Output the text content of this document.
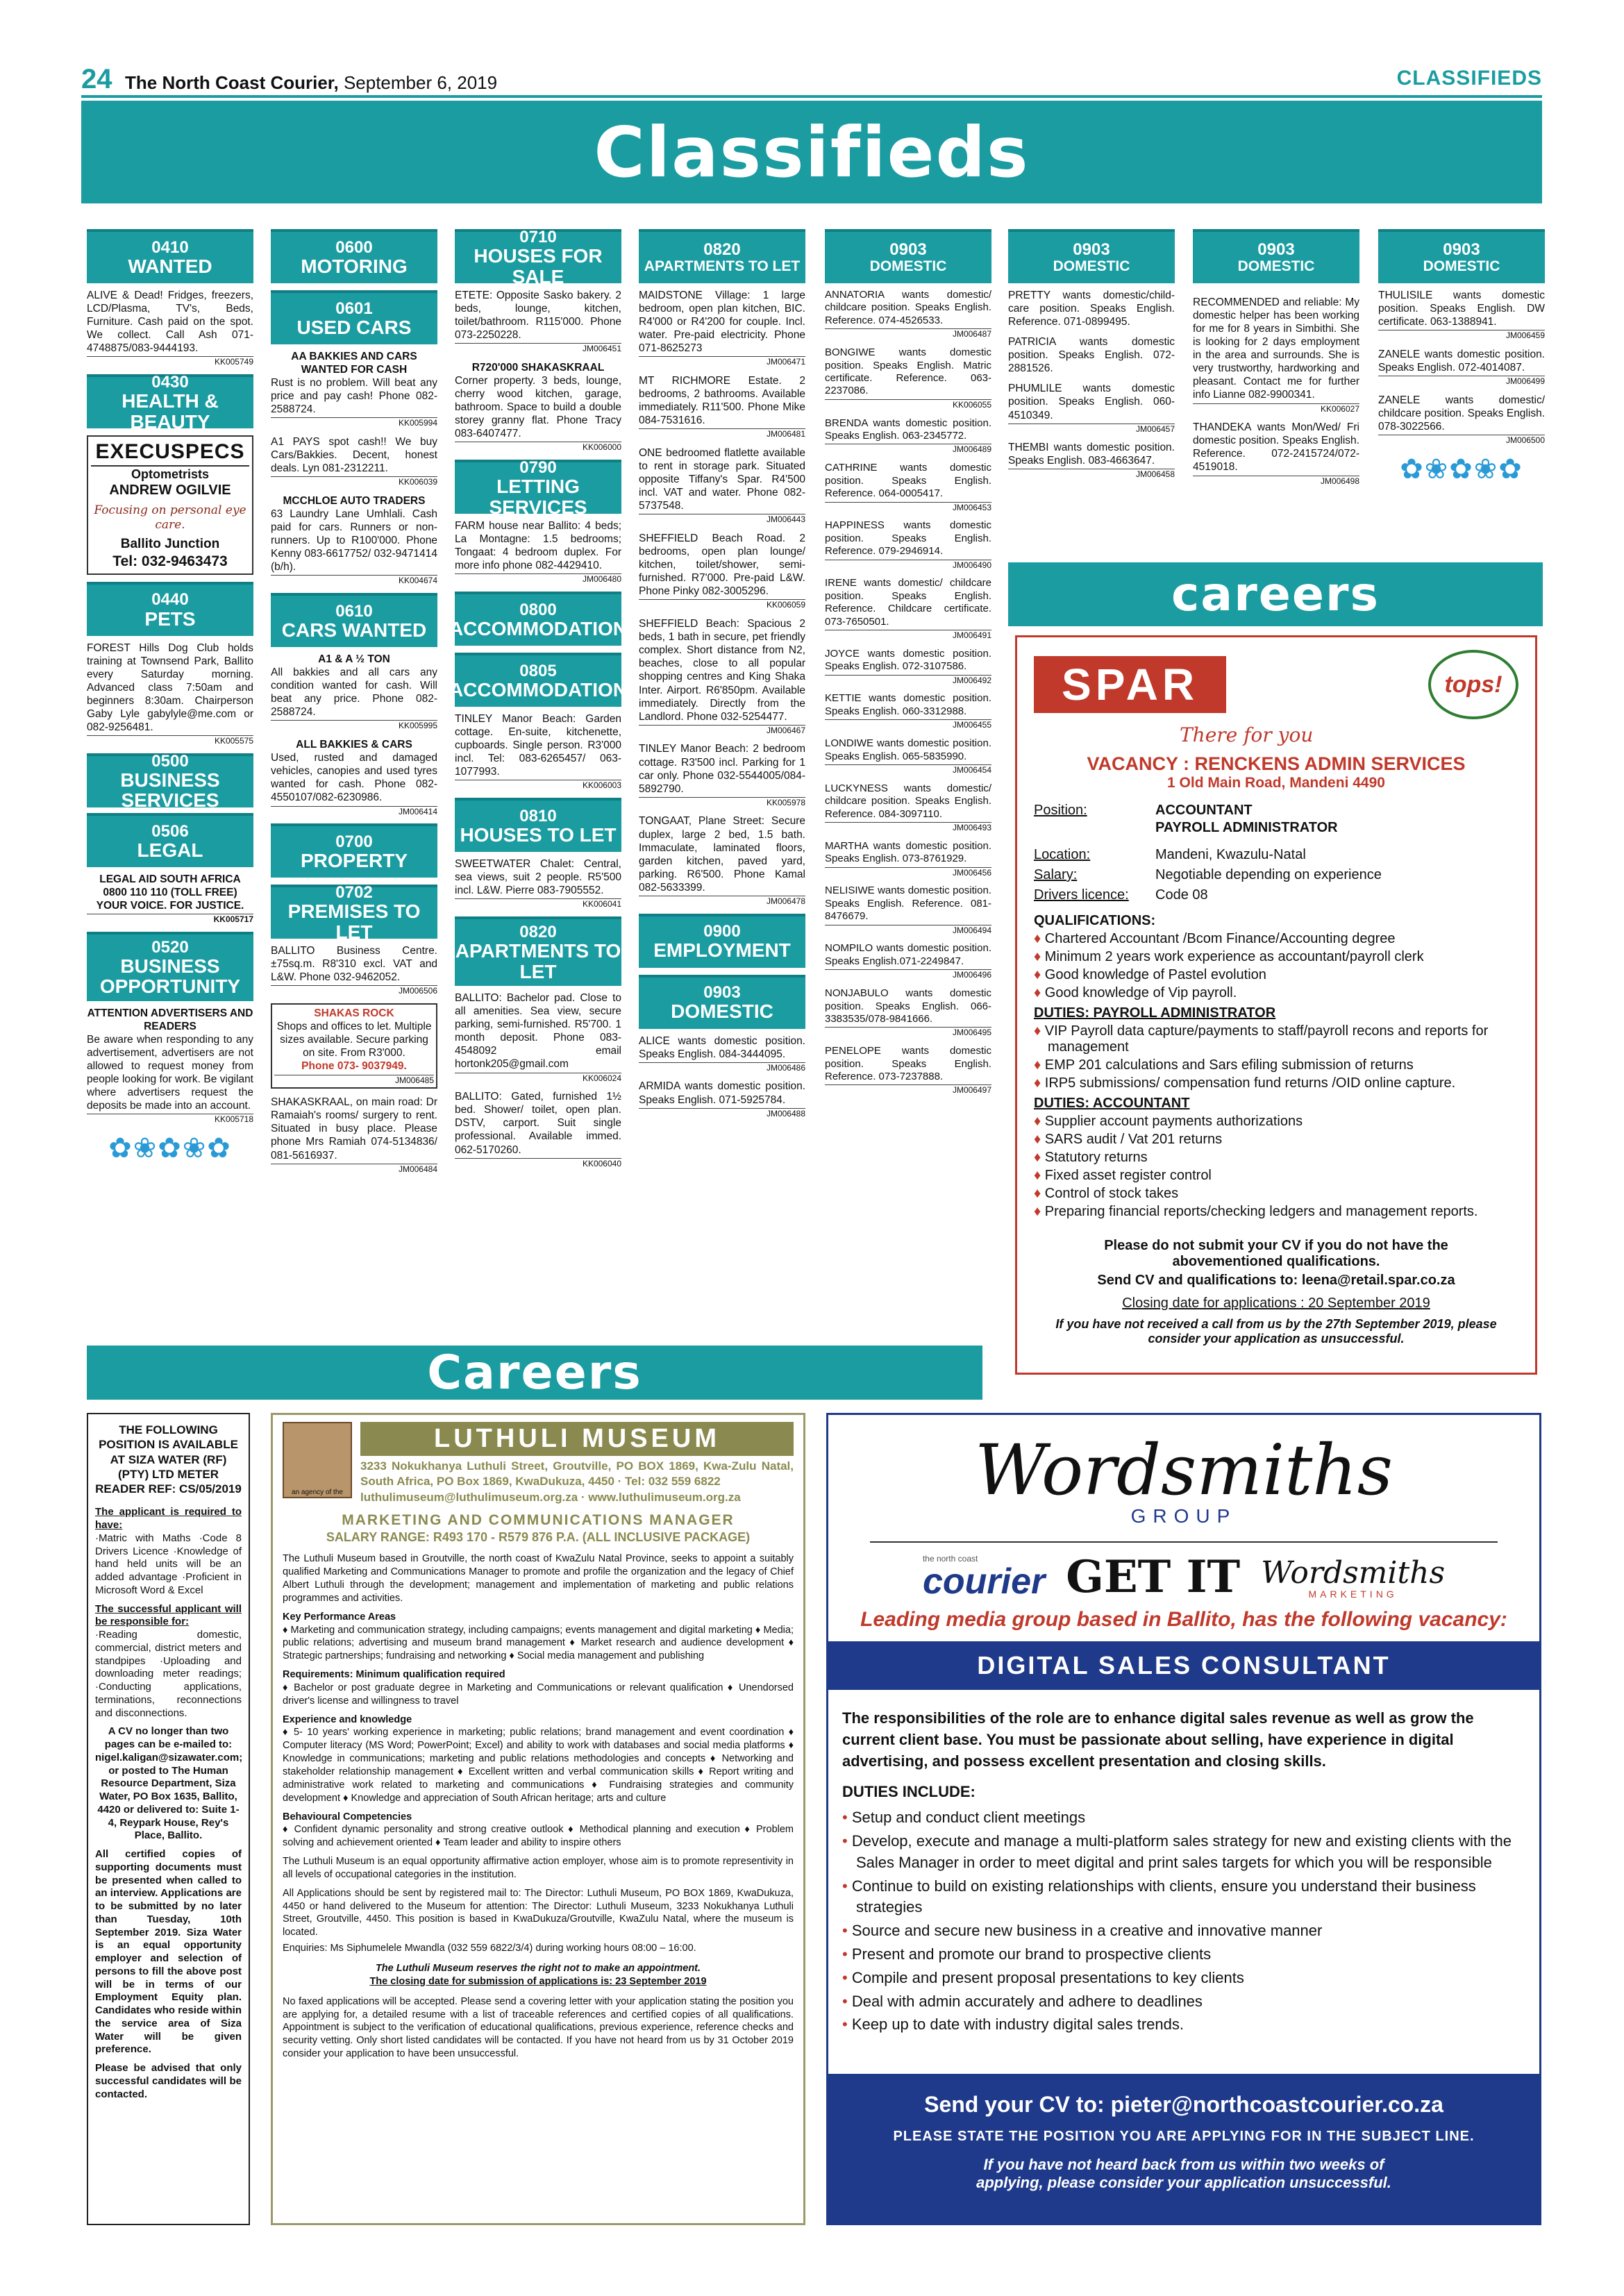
24 The North Coast Courier, September 6, 2019	CLASSIFIEDS
Classifieds
0410
WANTED
ALIVE & Dead! Fridges, freezers, LCD/Plasma, TV's, Beds, Furniture. Cash paid on the spot. We collect. Call Ash 071-4748875/083-9444193.
KK005749
0430
HEALTH & BEAUTY
EXECUSPECS
Optometrists
ANDREW OGILVIE
Focusing on personal eye care.
Ballito Junction
Tel: 032-9463473
0440
PETS
FOREST Hills Dog Club holds training at Townsend Park, Ballito every Saturday morning. Advanced class 7:50am and beginners 8:30am. Chairperson Gaby Lyle gabylyle@me.com or 082-9256481.
KK005575
0500
BUSINESS SERVICES
0506
LEGAL
LEGAL AID SOUTH AFRICA 0800 110 110 (TOLL FREE) YOUR VOICE. FOR JUSTICE.
KK005717
0520
BUSINESS OPPORTUNITY
ATTENTION ADVERTISERS AND READERS
Be aware when responding to any advertisement, advertisers are not allowed to request money from people looking for work. Be vigilant where advertisers request the deposits be made into an account.
KK005718
✿❀✿❀✿
0600
MOTORING
0601
USED CARS
AA BAKKIES AND CARS WANTED FOR CASH
Rust is no problem. Will beat any price and pay cash! Phone 082-2588724.
KK005994
A1 PAYS spot cash!! We buy Cars/Bakkies. Decent, honest deals. Lyn 081-2312211.
KK006039
MCCHLOE AUTO TRADERS
63 Laundry Lane Umhlali. Cash paid for cars. Runners or non-runners. Up to R100'000. Phone Kenny 083-6617752/ 032-9471414 (b/h).
KK004674
0610
CARS WANTED
A1 & A ½ TON
All bakkies and all cars any condition wanted for cash. Will beat any price. Phone 082-2588724.
KK005995
ALL BAKKIES & CARS
Used, rusted and damaged vehicles, canopies and used tyres wanted for cash. Phone 082-4550107/082-6230986.
JM006414
0700
PROPERTY
0702
PREMISES TO LET
BALLITO Business Centre. ±75sq.m. R8'310 excl. VAT and L&W. Phone 032-9462052.
JM006506
SHAKAS ROCK
Shops and offices to let. Multiple sizes available. Secure parking on site. From R3'000.
Phone 073- 9037949.
JM006485
SHAKASKRAAL, on main road: Dr Ramaiah's rooms/ surgery to rent. Situated in busy place. Please phone Mrs Ramiah 074-5134836/ 081-5616937.
JM006484
0710
HOUSES FOR SALE
ETETE: Opposite Sasko bakery. 2 beds, lounge, kitchen, toilet/bathroom. R115'000. Phone 073-2250228.
JM006451
R720'000 SHAKASKRAAL
Corner property. 3 beds, lounge, cherry wood kitchen, garage, bathroom. Space to build a double storey granny flat. Phone Tracy 083-6407477.
KK006000
0790
LETTING SERVICES
FARM house near Ballito: 4 beds; La Montagne: 1.5 bedrooms; Tongaat: 4 bedroom duplex. For more info phone 082-4429410.
JM006480
0800
ACCOMMODATION
0805
ACCOMMODATION
TINLEY Manor Beach: Garden cottage. En-suite, kitchenette, cupboards. Single person. R3'000 incl. Tel: 083-6265457/ 063-1077993.
KK006003
0810
HOUSES TO LET
SWEETWATER Chalet: Central, sea views, suit 2 people. R5'500 incl. L&W. Pierre 083-7905552.
KK006041
0820
APARTMENTS TO LET
BALLITO: Bachelor pad. Close to all amenities. Sea view, secure parking, semi-furnished. R5'700. 1 month deposit. Phone 083-4548092 email hortonk205@gmail.com
KK006024
BALLITO: Gated, furnished 1½ bed. Shower/ toilet, open plan. DSTV, carport. Suit single professional. Available immed. 062-5170260.
KK006040
0820
APARTMENTS TO LET
MAIDSTONE Village: 1 large bedroom, open plan kitchen, BIC. R4'000 or R4'200 for couple. Incl. water. Pre-paid electricity. Phone 071-8625273
JM006471
MT RICHMORE Estate. 2 bedrooms, 2 bathrooms. Available immediately. R11'500. Phone Mike 084-7531616.
JM006481
ONE bedroomed flatlette available to rent in storage park. Situated opposite Tiffany's Spar. R4'500 incl. VAT and water. Phone 082-5737548.
JM006443
SHEFFIELD Beach Road. 2 bedrooms, open plan lounge/ kitchen, toilet/shower, semi-furnished. R7'000. Pre-paid L&W. Phone Pinky 082-3005296.
KK006059
SHEFFIELD Beach: Spacious 2 beds, 1 bath in secure, pet friendly complex. Short distance from N2, beaches, close to all popular shopping centres and King Shaka Inter. Airport. R6'850pm. Available immediately. Directly from the Landlord. Phone 032-5254477.
JM006467
TINLEY Manor Beach: 2 bedroom cottage. R3'500 incl. Parking for 1 car only. Phone 032-5544005/084-5892790.
KK005978
TONGAAT, Plane Street: Secure duplex, large 2 bed, 1.5 bath. Immaculate, laminated floors, garden kitchen, paved yard, parking. R6'500. Phone Kamal 082-5633399.
JM006478
0900
EMPLOYMENT
0903
DOMESTIC
ALICE wants domestic position. Speaks English. 084-3444095.
JM006486
ARMIDA wants domestic position. Speaks English. 071-5925784.
JM006488
0903
DOMESTIC
ANNATORIA wants domestic/ childcare position. Speaks English. Reference. 074-4526533.
JM006487
BONGIWE wants domestic position. Speaks English. Matric certificate. Reference. 063-2237086.
KK006055
BRENDA wants domestic position. Speaks English. 063-2345772.
JM006489
CATHRINE wants domestic position. Speaks English. Reference. 064-0005417.
JM006453
HAPPINESS wants domestic position. Speaks English. Reference. 079-2946914.
JM006490
IRENE wants domestic/ childcare position. Speaks English. Reference. Childcare certificate. 073-7650501.
JM006491
JOYCE wants domestic position. Speaks English. 072-3107586.
JM006492
KETTIE wants domestic position. Speaks English. 060-3312988.
JM006455
LONDIWE wants domestic position. Speaks English. 065-5835990.
JM006454
LUCKYNESS wants domestic/ childcare position. Speaks English. Reference. 084-3097110.
JM006493
MARTHA wants domestic position. Speaks English. 073-8761929.
JM006456
NELISIWE wants domestic position. Speaks English. Reference. 081-8476679.
JM006494
NOMPILO wants domestic position. Speaks English.071-2249847.
JM006496
NONJABULO wants domestic position. Speaks English. 066-3383535/078-9841666.
JM006495
PENELOPE wants domestic position. Speaks English. Reference. 073-7237888.
JM006497
0903
DOMESTIC
PRETTY wants domestic/child-care position. Speaks English. Reference. 071-0899495.
PATRICIA wants domestic position. Speaks English. 072-2881526.
PHUMLILE wants domestic position. Speaks English. 060-4510349.
JM006457
THEMBI wants domestic position. Speaks English. 083-4663647.
JM006458
0903
DOMESTIC
RECOMMENDED and reliable: My domestic helper has been working for me for 8 years in Simbithi. She is looking for 2 days employment in the area and surrounds. She is very trustworthy, hardworking and pleasant. Contact me for further info Lianne 082-9900341.
KK006027
THANDEKA wants Mon/Wed/ Fri domestic position. Speaks English. Reference. 072-2415724/072-4519018.
JM006498
0903
DOMESTIC
THULISILE wants domestic position. Speaks English. DW certificate. 063-1388941.
JM006459
ZANELE wants domestic position. Speaks English. 072-4014087.
JM006499
ZANELE wants domestic/ childcare position. Speaks English. 078-3022566.
JM006500
✿❀✿❀✿
careers
SPAR	tops!
There for you
VACANCY : RENCKENS ADMIN SERVICES
1 Old Main Road, Mandeni 4490
Position:	ACCOUNTANT
PAYROLL ADMINISTRATOR
Location:	Mandeni, Kwazulu-Natal
Salary:	Negotiable depending on experience
Drivers licence:	Code 08
QUALIFICATIONS:
♦ Chartered Accountant /Bcom Finance/Accounting degree
♦ Minimum 2 years work experience as accountant/payroll clerk
♦ Good knowledge of Pastel evolution
♦ Good knowledge of Vip payroll.
DUTIES: PAYROLL ADMINISTRATOR
♦ VIP Payroll data capture/payments to staff/payroll recons and reports for management
♦ EMP 201 calculations and Sars efiling submission of returns
♦ IRP5 submissions/ compensation fund returns /OID online capture.
DUTIES: ACCOUNTANT
♦ Supplier account payments authorizations
♦ SARS audit / Vat 201 returns
♦ Statutory returns
♦ Fixed asset register control
♦ Control of stock takes
♦ Preparing financial reports/checking ledgers and management reports.
Please do not submit your CV if you do not have the abovementioned qualifications.
Send CV and qualifications to: leena@retail.spar.co.za
Closing date for applications : 20 September 2019
If you have not received a call from us by the 27th September 2019, please consider your application as unsuccessful.
Careers
THE FOLLOWING POSITION IS AVAILABLE AT SIZA WATER (RF) (PTY) LTD METER READER REF: CS/05/2019
The applicant is required to have:
·Matric with Maths ·Code 8 Drivers Licence ·Knowledge of hand held units will be an added advantage ·Proficient in Microsoft Word & Excel
The successful applicant will be responsible for:
·Reading domestic, commercial, district meters and standpipes ·Uploading and downloading meter readings; ·Conducting applications, terminations, reconnections and disconnections.
A CV no longer than two pages can be e-mailed to: nigel.kaligan@sizawater.com; or posted to The Human Resource Department, Siza Water, PO Box 1635, Ballito, 4420 or delivered to: Suite 1-4, Reypark House, Rey's Place, Ballito.
All certified copies of supporting documents must be presented when called to an interview. Applications are to be submitted by no later than Tuesday, 10th September 2019. Siza Water is an equal opportunity employer and selection of persons to fill the above post will be in terms of our Employment Equity plan. Candidates who reside within the service area of Siza Water will be given preference.
Please be advised that only successful candidates will be contacted.
an agency of the
LUTHULI MUSEUM
3233 Nokukhanya Luthuli Street, Groutville, PO BOX 1869, Kwa-Zulu Natal, South Africa, PO Box 1869, KwaDukuza, 4450 · Tel: 032 559 6822
luthulimuseum@luthulimuseum.org.za · www.luthulimuseum.org.za
MARKETING AND COMMUNICATIONS MANAGER
SALARY RANGE: R493 170 - R579 876 P.A. (ALL INCLUSIVE PACKAGE)
The Luthuli Museum based in Groutville, the north coast of KwaZulu Natal Province, seeks to appoint a suitably qualified Marketing and Communications Manager to promote and profile the organization and the legacy of Chief Albert Luthuli through the development; management and implementation of marketing and public relations programmes and activities.
Key Performance Areas
♦ Marketing and communication strategy, including campaigns; events management and digital marketing ♦ Media; public relations; advertising and museum brand management ♦ Market research and audience development ♦ Strategic partnerships; fundraising and networking ♦ Social media management and publishing
Requirements: Minimum qualification required
♦ Bachelor or post graduate degree in Marketing and Communications or relevant qualification ♦ Unendorsed driver's license and willingness to travel
Experience and knowledge
♦ 5- 10 years' working experience in marketing; public relations; brand management and event coordination ♦ Computer literacy (MS Word; PowerPoint; Excel) and ability to work with databases and social media platforms ♦ Knowledge in communications; marketing and public relations methodologies and concepts ♦ Networking and stakeholder relationship management ♦ Excellent written and verbal communication skills ♦ Report writing and administrative work related to marketing and communications ♦ Fundraising strategies and community development ♦ Knowledge and appreciation of South African heritage; arts and culture
Behavioural Competencies
♦ Confident dynamic personality and strong creative outlook ♦ Methodical planning and execution ♦ Problem solving and achievement oriented ♦ Team leader and ability to inspire others
The Luthuli Museum is an equal opportunity affirmative action employer, whose aim is to promote representivity in all levels of occupational categories in the institution.
All Applications should be sent by registered mail to: The Director: Luthuli Museum, PO BOX 1869, KwaDukuza, 4450 or hand delivered to the Museum for attention: The Director: Luthuli Museum, 3233 Nokukhanya Luthuli Street, Groutville, 4450. This position is based in KwaDukuza/Groutville, KwaZulu Natal, where the museum is located.
Enquiries: Ms Siphumelele Mwandla (032 559 6822/3/4) during working hours 08:00 – 16:00.
The Luthuli Museum reserves the right not to make an appointment.
The closing date for submission of applications is: 23 September 2019
No faxed applications will be accepted. Please send a covering letter with your application stating the position you are applying for, a detailed resume with a list of traceable references and certified copies of all qualifications. Appointment is subject to the verification of educational qualifications, previous experience, reference checks and security vetting. Only short listed candidates will be contacted. If you have not heard from us by 31 October 2019 consider your application to have been unsuccessful.
Wordsmiths
GROUP
the north coast
courier GET IT Wordsmiths
MARKETING
Leading media group based in Ballito, has the following vacancy:
DIGITAL SALES CONSULTANT
The responsibilities of the role are to enhance digital sales revenue as well as grow the current client base. You must be passionate about selling, have experience in digital advertising, and possess excellent presentation and closing skills.
DUTIES INCLUDE:
• Setup and conduct client meetings
• Develop, execute and manage a multi-platform sales strategy for new and existing clients with the Sales Manager in order to meet digital and print sales targets for which you will be responsible
• Continue to build on existing relationships with clients, ensure you understand their business strategies
• Source and secure new business in a creative and innovative manner
• Present and promote our brand to prospective clients
• Compile and present proposal presentations to key clients
• Deal with admin accurately and adhere to deadlines
• Keep up to date with industry digital sales trends.
Send your CV to: pieter@northcoastcourier.co.za
PLEASE STATE THE POSITION YOU ARE APPLYING FOR IN THE SUBJECT LINE.
If you have not heard back from us within two weeks of applying, please consider your application unsuccessful.
